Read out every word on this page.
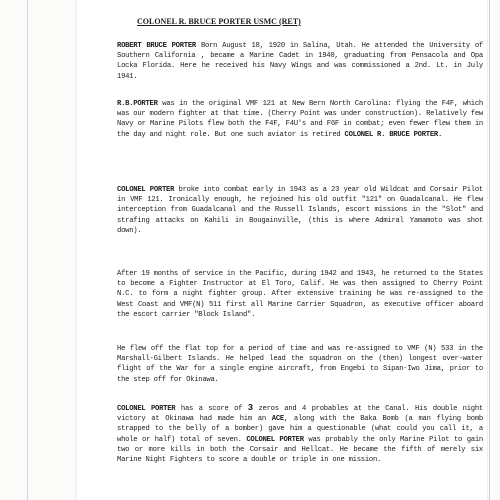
COLONEL R. BRUCE PORTER USMC (RET)

ROBERT BRUCE PORTER Born August 18, 1920 in Salina, Utah. He attended the University of Southern California , became a Marine Cadet in 1940, graduating from Pensacola and Opa Locka Florida. Here he received his Navy Wings and was commissioned a 2nd. Lt. in July 1941.

R.B.PORTER was in the original VMF 121 at New Bern North Carolina: flying the F4F, which was our modern fighter at that time. (Cherry Point was under construction). Relatively few Navy or Marine Pilots flew both the F4F, F4U's and F6F in combat; even fewer flew them in the day and night role. But one such aviator is retired COLONEL R. BRUCE PORTER.

COLONEL PORTER broke into combat early in 1943 as a 23 year old Wildcat and Corsair Pilot in VMF 121. Ironically enough, he rejoined his old outfit "121" on Guadalcanal. He flew interception from Guadalcanal and the Russell Islands, escort missions in the "Slot" and strafing attacks on Kahili in Bougainville, (this is where Admiral Yamamoto was shot down).

After 19 months of service in the Pacific, during 1942 and 1943, he returned to the States to become a Fighter Instructor at El Toro, Calif. He was then assigned to Cherry Point N.C. to form a night fighter group. After extensive training he was re-assigned to the West Coast and VMF(N) 511 first all Marine Carrier Squadron, as executive officer aboard the escort carrier "Block Island".

He flew off the flat top for a period of time and was re-assigned to VMF (N) 533 in the Marshall-Gilbert Islands. He helped lead the squadron on the (then) longest over-water flight of the War for a single engine aircraft, from Engebi to Sipan-Iwo Jima, prior to the step off for Okinawa.

COLONEL PORTER has a score of 3 zeros and 4 probables at the Canal. His double night victory at Okinawa had made him an ACE, along with the Baka Bomb (a man flying bomb strapped to the belly of a bomber) gave him a questionable (what could you call it, a whole or half) total of seven. COLONEL PORTER was probably the only Marine Pilot to gain two or more kills in both the Corsair and Hellcat. He became the fifth of merely six Marine Night Fighters to score a double or triple in one mission.
